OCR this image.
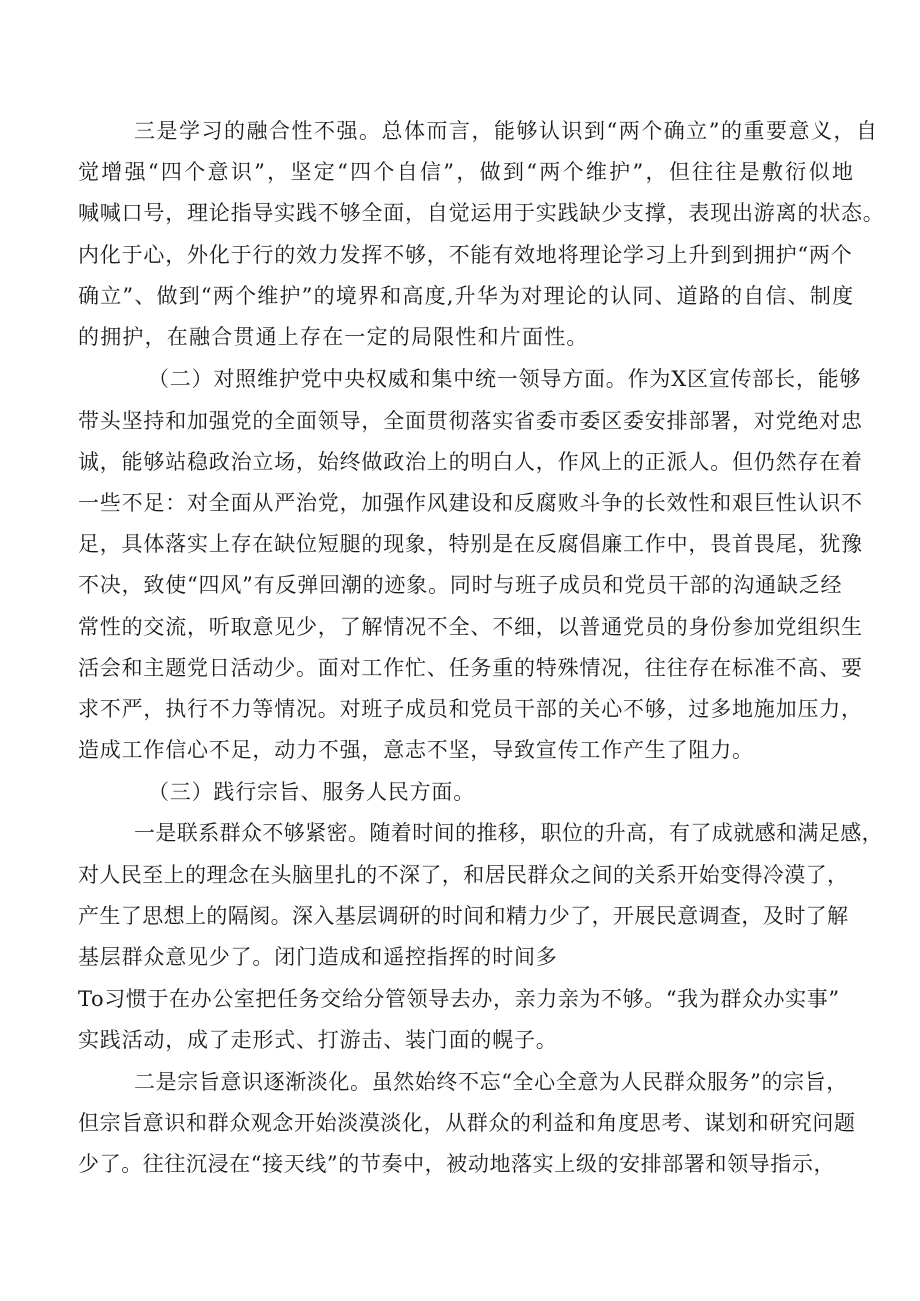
三是学习的融合性不强。总体而言，能够认识到“两个确立”的重要意义，自
觉增强“四个意识”，坚定“四个自信”，做到“两个维护”，但往往是敷衍似地
喊喊口号，理论指导实践不够全面，自觉运用于实践缺少支撑，表现出游离的状态。
内化于心，外化于行的效力发挥不够，不能有效地将理论学习上升到到拥护“两个
确立”、做到“两个维护”的境界和高度,升华为对理论的认同、道路的自信、制度
的拥护，在融合贯通上存在一定的局限性和片面性。
（二）对照维护党中央权威和集中统一领导方面。作为X区宣传部长，能够
带头坚持和加强党的全面领导，全面贯彻落实省委市委区委安排部署，对党绝对忠
诚，能够站稳政治立场，始终做政治上的明白人，作风上的正派人。但仍然存在着
一些不足：对全面从严治党，加强作风建设和反腐败斗争的长效性和艰巨性认识不
足，具体落实上存在缺位短腿的现象，特别是在反腐倡廉工作中，畏首畏尾，犹豫
不决，致使“四风”有反弹回潮的迹象。同时与班子成员和党员干部的沟通缺乏经
常性的交流，听取意见少，了解情况不全、不细，以普通党员的身份参加党组织生
活会和主题党日活动少。面对工作忙、任务重的特殊情况，往往存在标准不高、要
求不严，执行不力等情况。对班子成员和党员干部的关心不够，过多地施加压力，
造成工作信心不足，动力不强，意志不坚，导致宣传工作产生了阻力。
（三）践行宗旨、服务人民方面。
一是联系群众不够紧密。随着时间的推移，职位的升高，有了成就感和满足感，
对人民至上的理念在头脑里扎的不深了，和居民群众之间的关系开始变得冷漠了，
产生了思想上的隔阂。深入基层调研的时间和精力少了，开展民意调查，及时了解
基层群众意见少了。闭门造成和遥控指挥的时间多
To习惯于在办公室把任务交给分管领导去办，亲力亲为不够。“我为群众办实事”
实践活动，成了走形式、打游击、装门面的幌子。
二是宗旨意识逐渐淡化。虽然始终不忘“全心全意为人民群众服务”的宗旨，
但宗旨意识和群众观念开始淡漠淡化，从群众的利益和角度思考、谋划和研究问题
少了。往往沉浸在“接天线”的节奏中，被动地落实上级的安排部署和领导指示，
